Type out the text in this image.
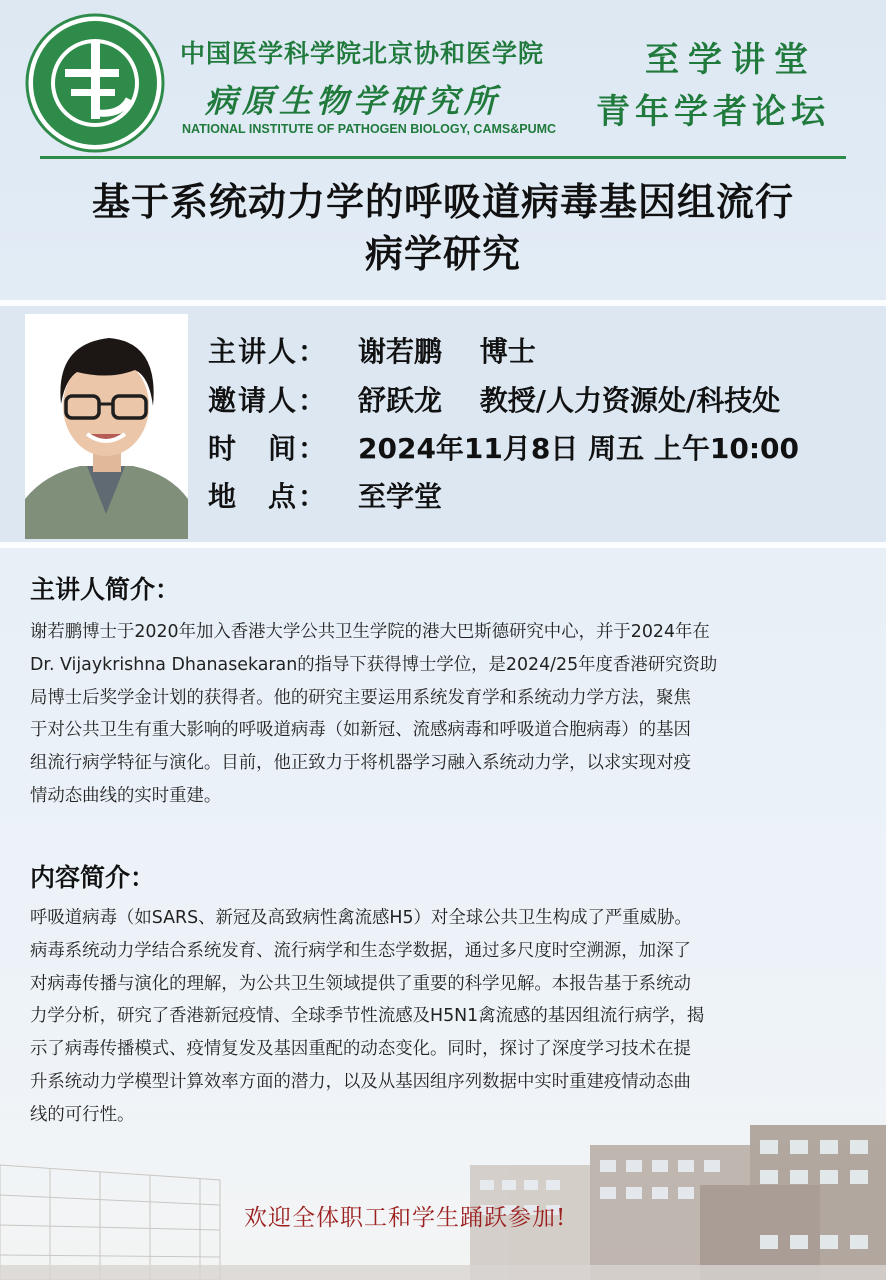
中国医学科学院北京协和医学院
病原生物学研究所
NATIONAL INSTITUTE OF PATHOGEN BIOLOGY, CAMS&PUMC
至学讲堂
青年学者论坛
基于系统动力学的呼吸道病毒基因组流行
病学研究
主讲人： 谢若鹏　 博士
邀请人： 舒跃龙　 教授/人力资源处/科技处
时　间： 2024年11月8日 周五 上午10:00
地　点： 至学堂
主讲人简介：
谢若鹏博士于2020年加入香港大学公共卫生学院的港大巴斯德研究中心，并于2024年在
Dr. Vijaykrishna Dhanasekaran的指导下获得博士学位，是2024/25年度香港研究资助
局博士后奖学金计划的获得者。他的研究主要运用系统发育学和系统动力学方法，聚焦
于对公共卫生有重大影响的呼吸道病毒（如新冠、流感病毒和呼吸道合胞病毒）的基因
组流行病学特征与演化。目前，他正致力于将机器学习融入系统动力学，以求实现对疫
情动态曲线的实时重建。
内容简介：
呼吸道病毒（如SARS、新冠及高致病性禽流感H5）对全球公共卫生构成了严重威胁。
病毒系统动力学结合系统发育、流行病学和生态学数据，通过多尺度时空溯源，加深了
对病毒传播与演化的理解，为公共卫生领域提供了重要的科学见解。本报告基于系统动
力学分析，研究了香港新冠疫情、全球季节性流感及H5N1禽流感的基因组流行病学，揭
示了病毒传播模式、疫情复发及基因重配的动态变化。同时，探讨了深度学习技术在提
升系统动力学模型计算效率方面的潜力，以及从基因组序列数据中实时重建疫情动态曲
线的可行性。
欢迎全体职工和学生踊跃参加!
